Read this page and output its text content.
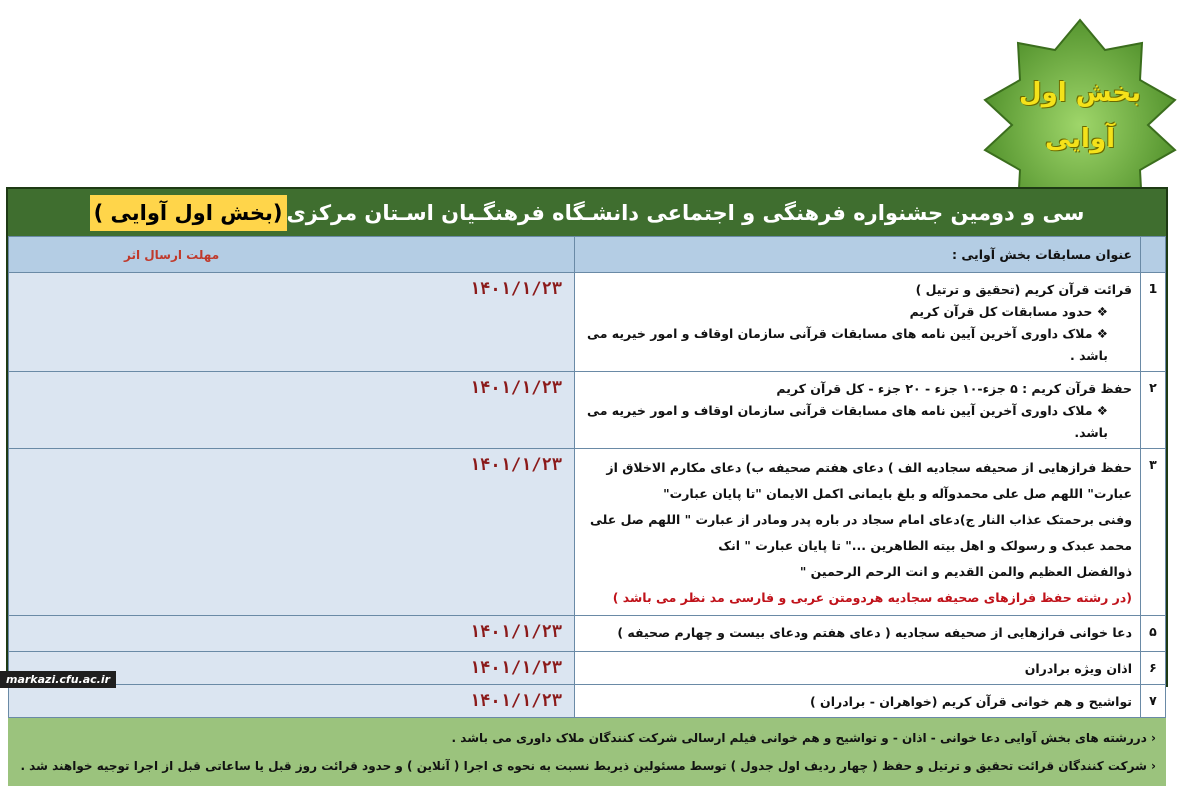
بخش اول
آوایی
سی و دومین جشنواره فرهنگی و اجتماعی دانشـگاه فرهنگـیان اسـتان مرکزی
(بخش اول آوایی )
	عنوان مسابقات بخش آوایی :	مهلت ارسال اثر
1	قرائت قرآن کریم (تحقیق و ترتیل )
❖ حدود مسابقات کل قرآن کریم
❖ ملاک داوری آخرین آیین نامه های مسابقات قرآنی سازمان اوقاف و امور خیریه می باشد .	۱۴۰۱/۱/۲۳
۲	حفظ قرآن کریم : ۵ جزء-۱۰ جزء - ۲۰ جزء - کل قرآن کریم
❖ ملاک داوری آخرین آیین نامه های مسابقات قرآنی سازمان اوقاف و امور خیریه می باشد.	۱۴۰۱/۱/۲۳
۳	حفظ فرازهایی از صحیفه سجادیه الف ) دعای هفتم صحیفه ب) دعای مکارم الاخلاق از عبارت" اللهم صل علی محمدوآله و بلغ بایمانی اکمل الایمان "تا پایان عبارت"
وفنی برحمتک عذاب النار ج)دعای امام سجاد در باره پدر ومادر از عبارت " اللهم صل علی محمد عبدک و رسولک و اهل بیته الطاهرین ..." تا پایان عبارت " انک
ذوالفضل العظیم والمن القدیم و انت الرحم الرحمین "
(در رشته حفظ فرازهای صحیفه سجادیه هردومتن عربی و فارسی مد نظر می باشد )	۱۴۰۱/۱/۲۳
۵	دعا خوانی فرازهایی از صحیفه سجادیه ( دعای هفتم ودعای بیست و چهارم صحیفه )	۱۴۰۱/۱/۲۳
۶	اذان ویژه برادران	۱۴۰۱/۱/۲۳
۷	تواشیح و هم خوانی قرآن کریم (خواهران - برادران )	۱۴۰۱/۱/۲۳
‹ دررشته های بخش آوایی دعا خوانی - اذان - و تواشیح و هم خوانی فیلم ارسالی شرکت کنندگان ملاک داوری می باشد .
‹ شرکت کنندگان قرائت تحقیق و ترتیل و حفظ ( چهار ردیف اول جدول ) توسط مسئولین ذیربط نسبت به نحوه ی اجرا ( آنلاین ) و حدود قرائت روز قبل یا ساعاتی قبل از اجرا توجیه خواهند شد .
markazi.cfu.ac.ir
